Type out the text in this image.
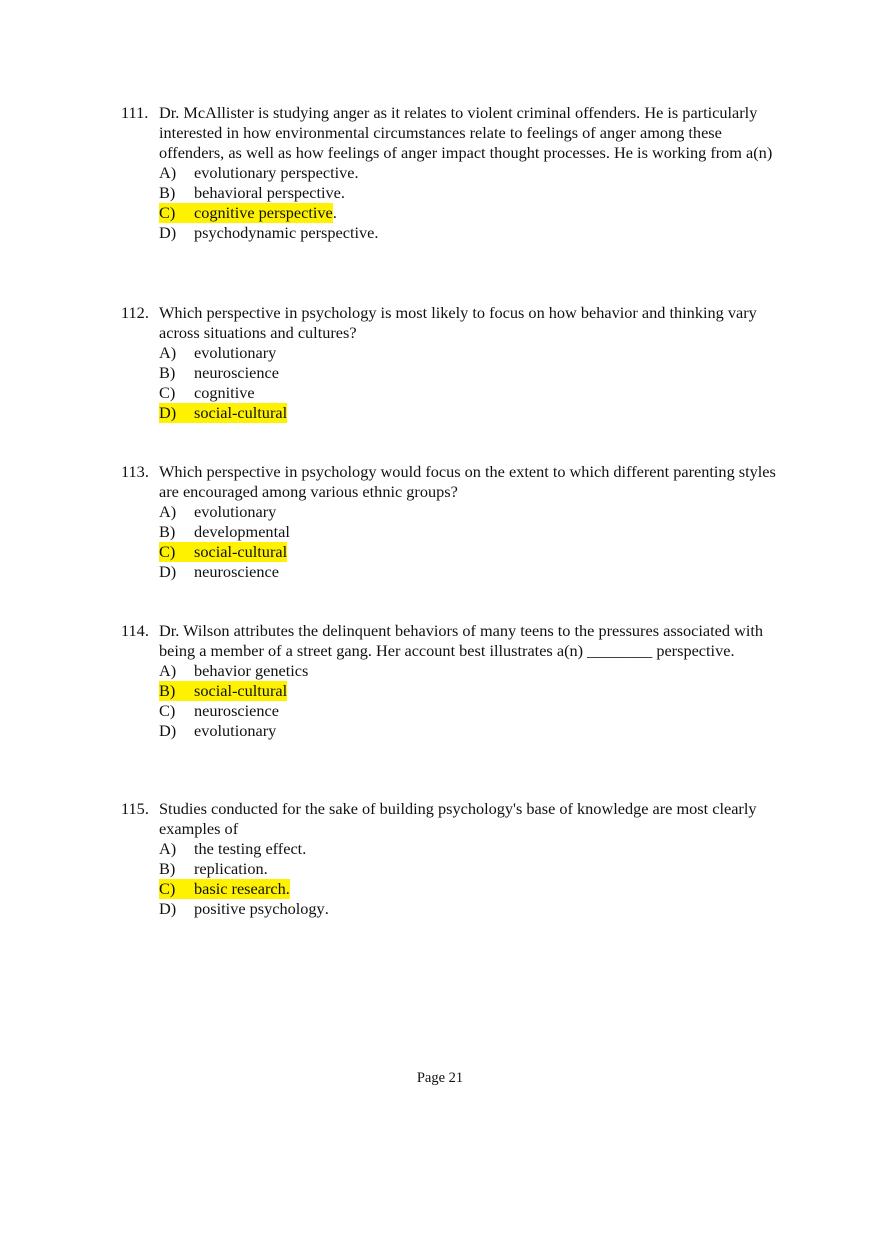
111. Dr. McAllister is studying anger as it relates to violent criminal offenders. He is particularly interested in how environmental circumstances relate to feelings of anger among these offenders, as well as how feelings of anger impact thought processes. He is working from a(n)
A) evolutionary perspective.
B) behavioral perspective.
C) cognitive perspective.
D) psychodynamic perspective.
112. Which perspective in psychology is most likely to focus on how behavior and thinking vary across situations and cultures?
A) evolutionary
B) neuroscience
C) cognitive
D) social-cultural
113. Which perspective in psychology would focus on the extent to which different parenting styles are encouraged among various ethnic groups?
A) evolutionary
B) developmental
C) social-cultural
D) neuroscience
114. Dr. Wilson attributes the delinquent behaviors of many teens to the pressures associated with being a member of a street gang. Her account best illustrates a(n) ________ perspective.
A) behavior genetics
B) social-cultural
C) neuroscience
D) evolutionary
115. Studies conducted for the sake of building psychology's base of knowledge are most clearly examples of
A) the testing effect.
B) replication.
C) basic research.
D) positive psychology.
Page 21
